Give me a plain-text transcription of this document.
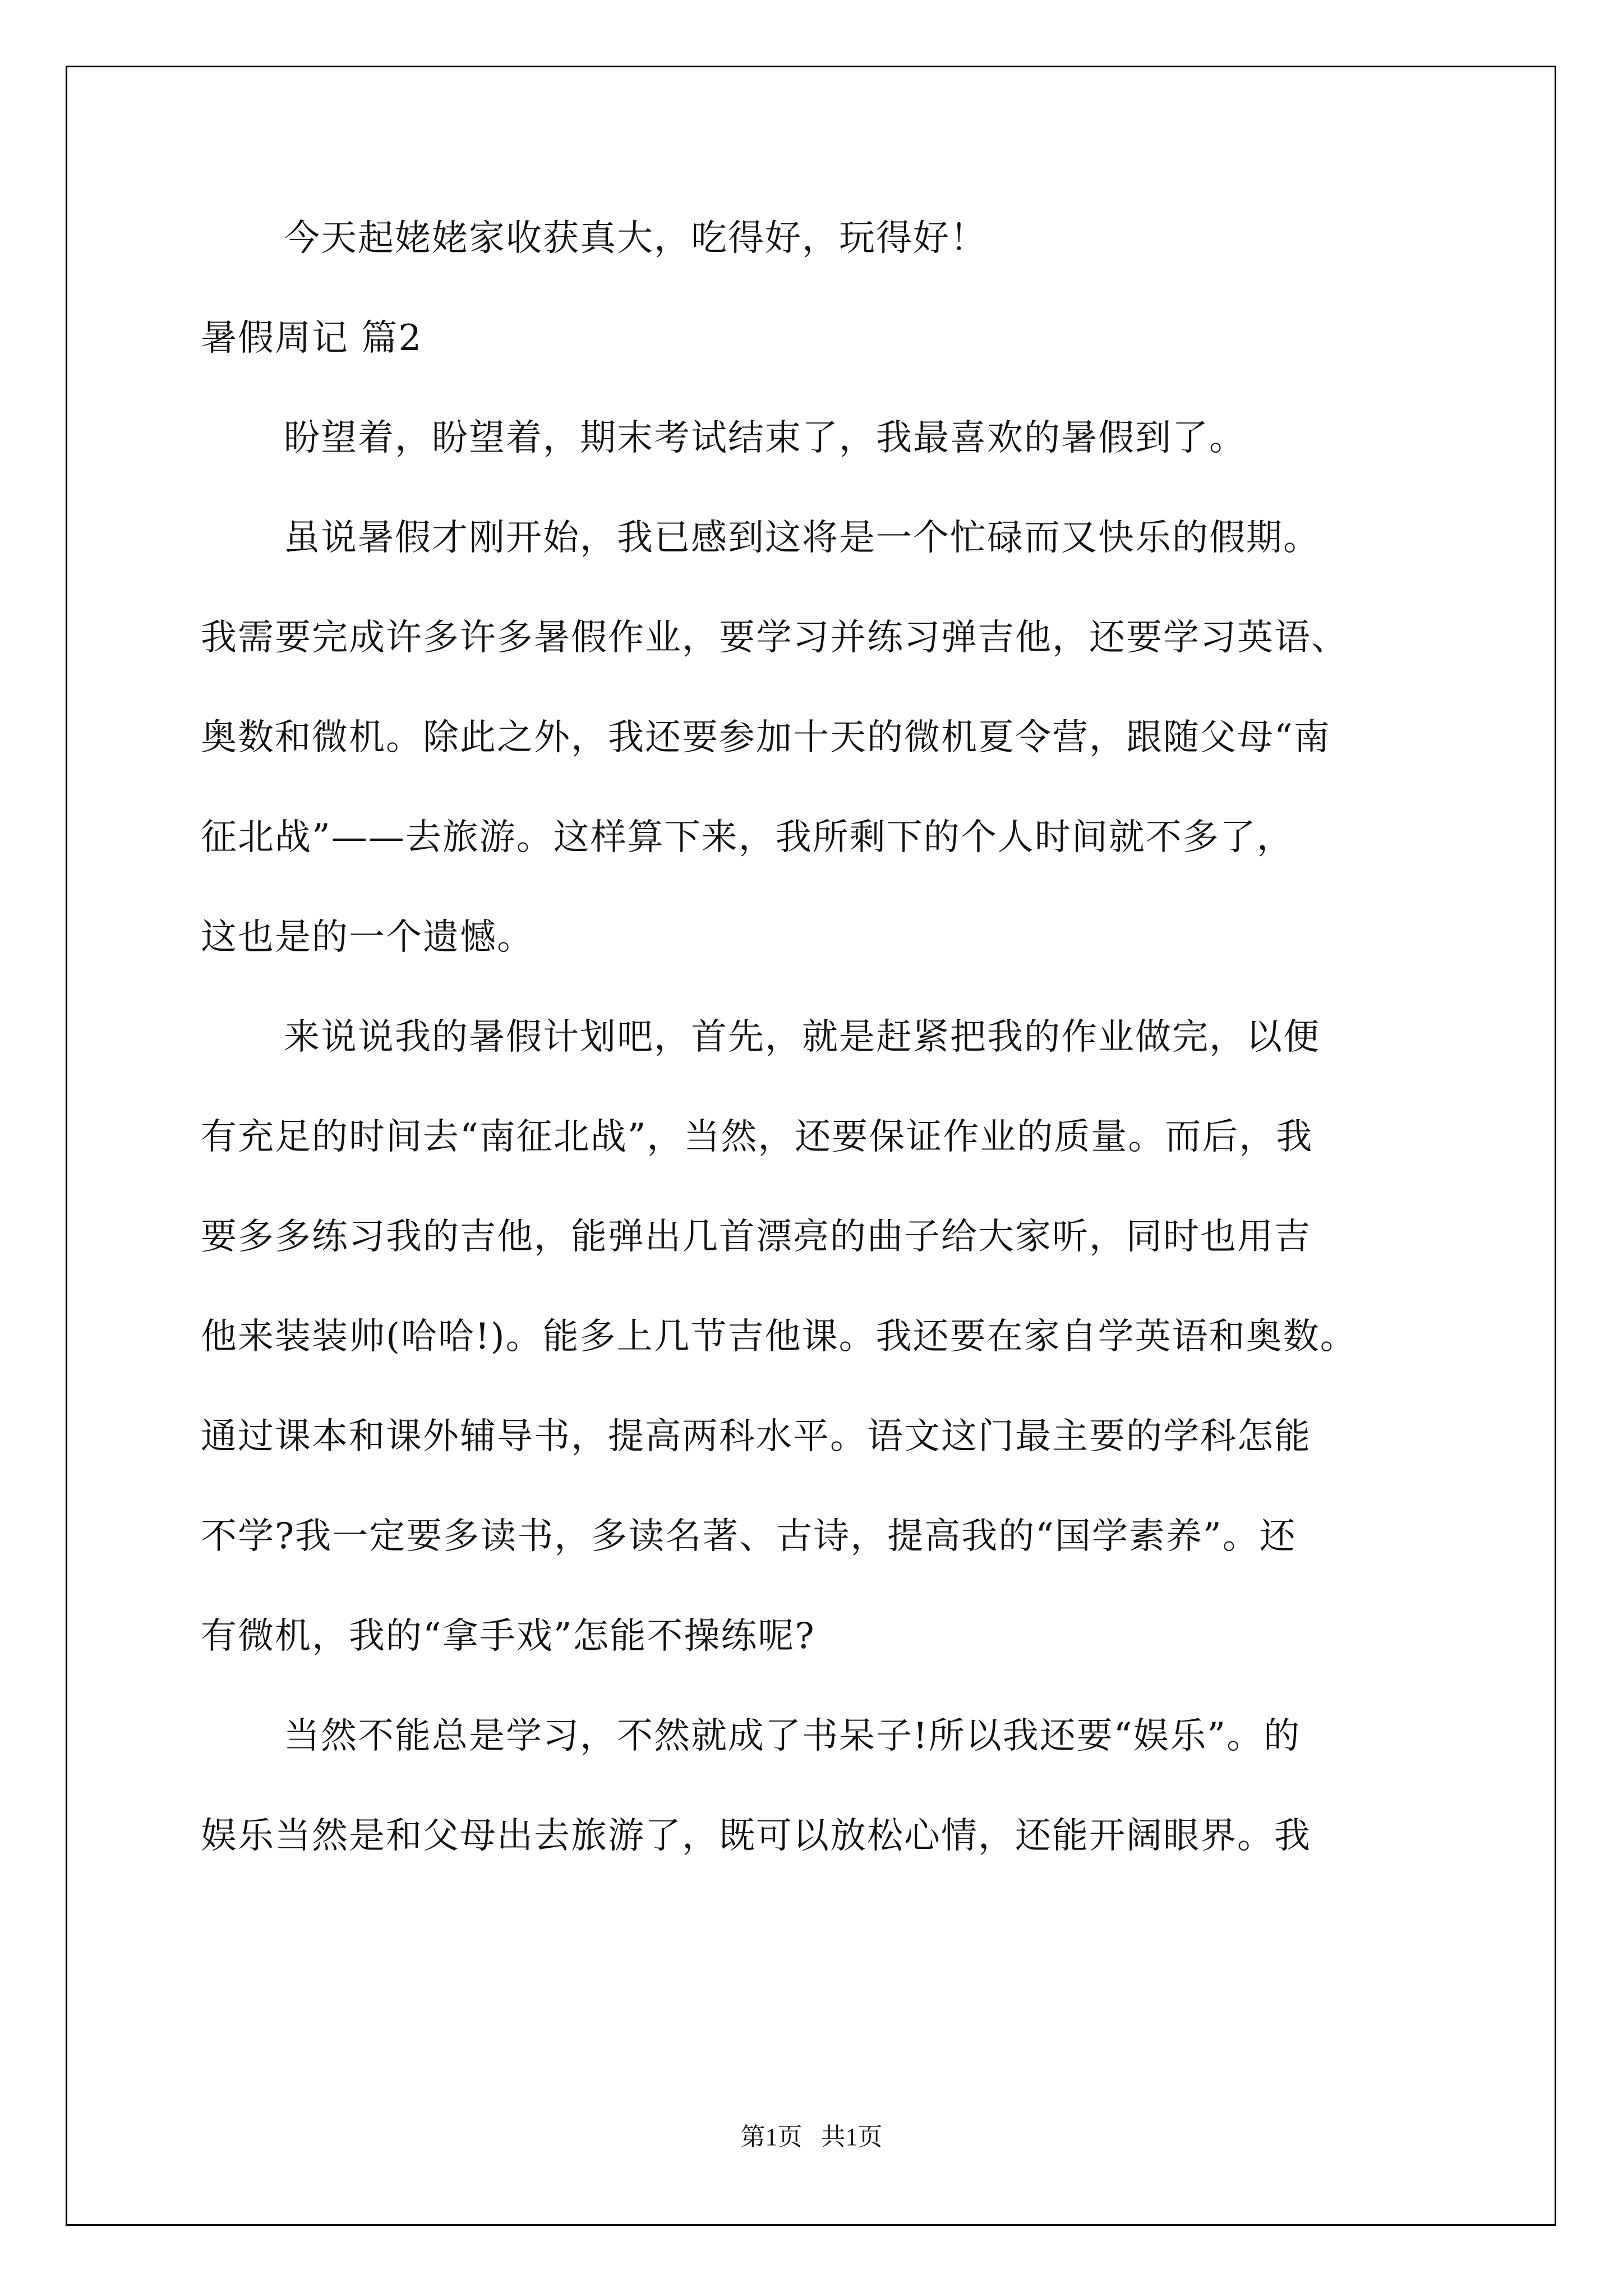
今天起姥姥家收获真大，吃得好，玩得好！
暑假周记 篇2
盼望着，盼望着，期末考试结束了，我最喜欢的暑假到了。
虽说暑假才刚开始，我已感到这将是一个忙碌而又快乐的假期。
我需要完成许多许多暑假作业，要学习并练习弹吉他，还要学习英语、
奥数和微机。除此之外，我还要参加十天的微机夏令营，跟随父母“南
征北战”——去旅游。这样算下来，我所剩下的个人时间就不多了，
这也是的一个遗憾。
来说说我的暑假计划吧，首先，就是赶紧把我的作业做完，以便
有充足的时间去“南征北战”，当然，还要保证作业的质量。而后，我
要多多练习我的吉他，能弹出几首漂亮的曲子给大家听，同时也用吉
他来装装帅(哈哈!)。能多上几节吉他课。我还要在家自学英语和奥数。
通过课本和课外辅导书，提高两科水平。语文这门最主要的学科怎能
不学?我一定要多读书，多读名著、古诗，提高我的“国学素养”。还
有微机，我的“拿手戏”怎能不操练呢?
当然不能总是学习，不然就成了书呆子!所以我还要“娱乐”。的
娱乐当然是和父母出去旅游了，既可以放松心情，还能开阔眼界。我
第1页   共1页
